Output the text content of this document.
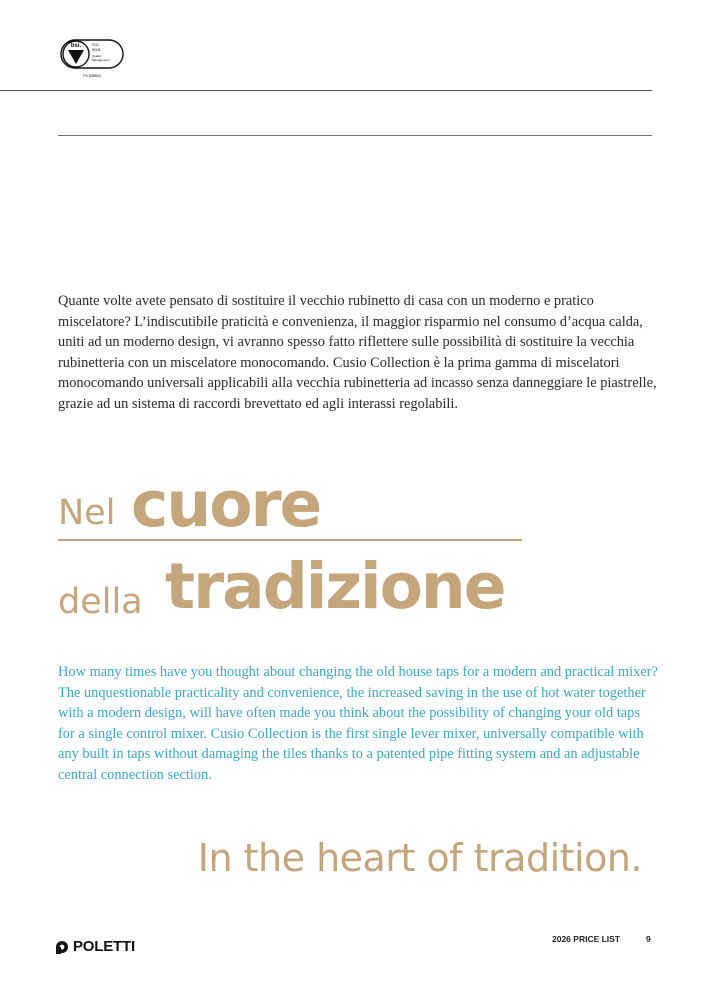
bsi.	ISO
9001
Quality
Management
FS 558834

Quante volte avete pensato di sostituire il vecchio rubinetto di casa con un moderno e pratico miscelatore? L’indiscutibile praticità e convenienza, il maggior risparmio nel consumo d’acqua calda, uniti ad un moderno design, vi avranno spesso fatto riflettere sulle possibilità di sostituire la vecchia rubinetteria con un miscelatore monocomando. Cusio Collection è la prima gamma di miscelatori monocomando universali applicabili alla vecchia rubinetteria ad incasso senza danneggiare le piastrelle, grazie ad un sistema di raccordi brevettato ed agli interassi regolabili.

Nel cuore
della tradizione

How many times have you thought about changing the old house taps for a modern and practical mixer? The unquestionable practicality and convenience, the increased saving in the use of hot water together with a modern design, will have often made you think about the possibility of changing your old taps for a single control mixer. Cusio Collection is the first single lever mixer, universally compatible with any built in taps without damaging the tiles thanks to a patented pipe fitting system and an adjustable central connection section.

In the heart of tradition.
POLETTI	2026 PRICE LIST	9
